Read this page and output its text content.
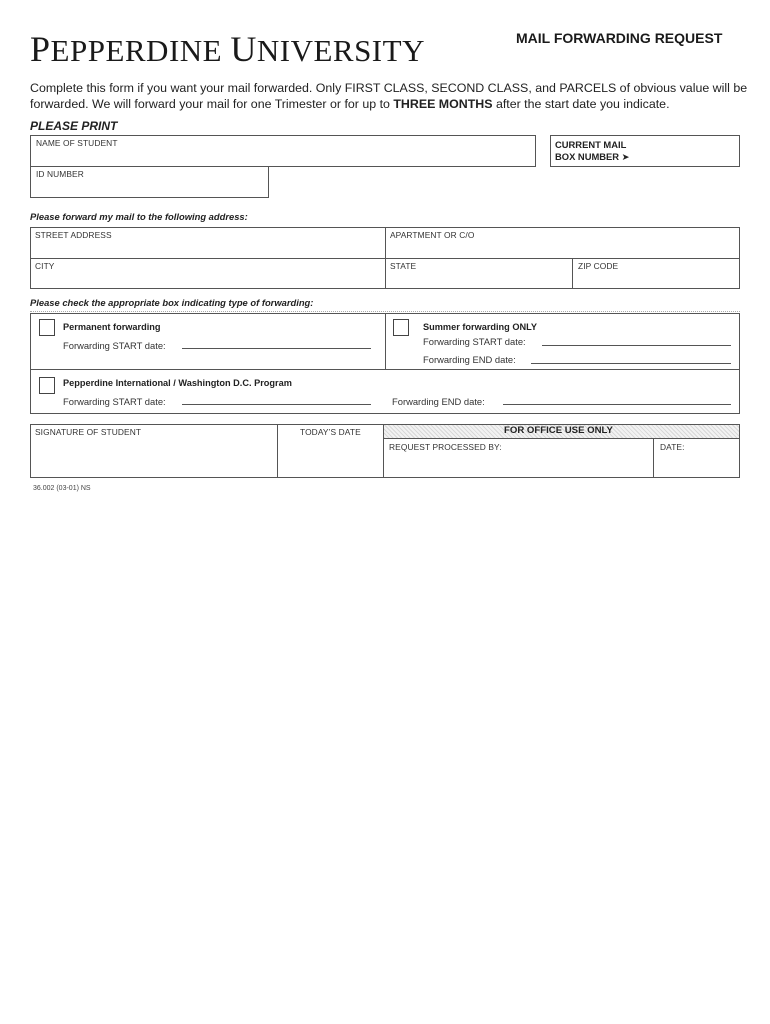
PEPPERDINE UNIVERSITY	MAIL FORWARDING REQUEST
Complete this form if you want your mail forwarded. Only FIRST CLASS, SECOND CLASS, and PARCELS of obvious value will be forwarded. We will forward your mail for one Trimester or for up to THREE MONTHS after the start date you indicate.
PLEASE PRINT
NAME OF STUDENT	CURRENT MAIL
BOX NUMBER ➤
ID NUMBER
Please forward my mail to the following address:
STREET ADDRESS	APARTMENT OR C/O
CITY	STATE	ZIP CODE
Please check the appropriate box indicating type of forwarding:
Permanent forwarding
Forwarding START date:
Summer forwarding ONLY
Forwarding START date:
Forwarding END date:
Pepperdine International / Washington D.C. Program
Forwarding START date:	Forwarding END date:
SIGNATURE OF STUDENT	TODAY’S DATE	FOR OFFICE USE ONLY
REQUEST PROCESSED BY:	DATE:
36.002 (03-01) NS
